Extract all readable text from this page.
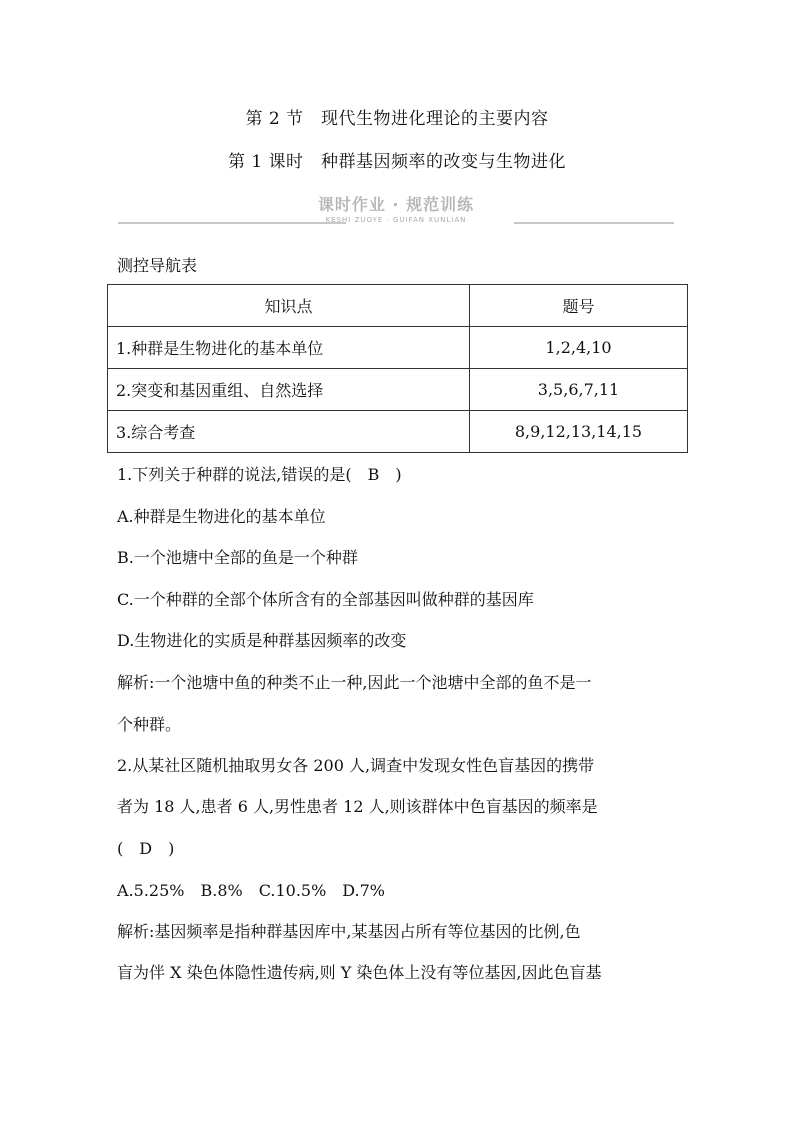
第 2 节　现代生物进化理论的主要内容
第 1 课时　种群基因频率的改变与生物进化
课时作业 · 规范训练
KESHI ZUOYE · GUIFAN XUNLIAN
测控导航表
知识点	题号
1.种群是生物进化的基本单位	1,2,4,10
2.突变和基因重组、自然选择	3,5,6,7,11
3.综合考查	8,9,12,13,14,15
1.下列关于种群的说法,错误的是(　B　)
A.种群是生物进化的基本单位
B.一个池塘中全部的鱼是一个种群
C.一个种群的全部个体所含有的全部基因叫做种群的基因库
D.生物进化的实质是种群基因频率的改变
解析:一个池塘中鱼的种类不止一种,因此一个池塘中全部的鱼不是一
个种群。
2.从某社区随机抽取男女各 200 人,调查中发现女性色盲基因的携带
者为 18 人,患者 6 人,男性患者 12 人,则该群体中色盲基因的频率是
(　D　)
A.5.25%　B.8%　C.10.5%　D.7%
解析:基因频率是指种群基因库中,某基因占所有等位基因的比例,色
盲为伴 X 染色体隐性遗传病,则 Y 染色体上没有等位基因,因此色盲基
